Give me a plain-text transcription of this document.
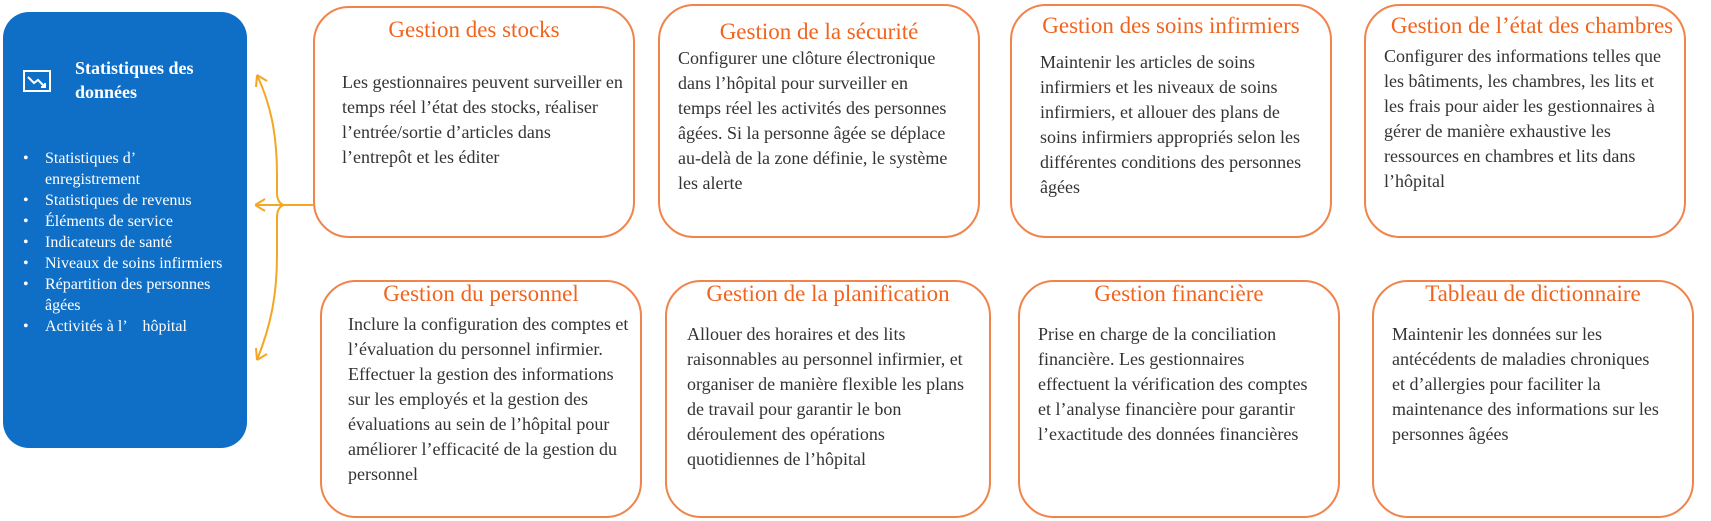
Statistiques des données
• Statistiques d’　enregistrement
• Statistiques de revenus
• Éléments de service
• Indicateurs de santé
• Niveaux de soins infirmiers
• Répartition des personnes âgées
• Activités à l’　hôpital
Gestion des stocks
Les gestionnaires peuvent surveiller en temps réel l’état des stocks, réaliser l’entrée/sortie d’articles dans l’entrepôt et les éditer
Gestion de la sécurité
Configurer une clôture électronique dans l’hôpital pour surveiller en temps réel les activités des personnes âgées. Si la personne âgée se déplace au-delà de la zone définie, le système les alerte
Gestion des soins infirmiers
Maintenir les articles de soins infirmiers et les niveaux de soins infirmiers, et allouer des plans de soins infirmiers appropriés selon les différentes conditions des personnes âgées
Gestion de l’état des chambres
Configurer des informations telles que les bâtiments, les chambres, les lits et les frais pour aider les gestionnaires à gérer de manière exhaustive les ressources en chambres et lits dans l’hôpital
Gestion du personnel
Inclure la configuration des comptes et l’évaluation du personnel infirmier. Effectuer la gestion des informations sur les employés et la gestion des évaluations au sein de l’hôpital pour améliorer l’efficacité de la gestion du personnel
Gestion de la planification
Allouer des horaires et des lits raisonnables au personnel infirmier, et organiser de manière flexible les plans de travail pour garantir le bon déroulement des opérations quotidiennes de l’hôpital
Gestion financière
Prise en charge de la conciliation financière. Les gestionnaires effectuent la vérification des comptes et l’analyse financière pour garantir l’exactitude des données financières
Tableau de dictionnaire
Maintenir les données sur les antécédents de maladies chroniques et d’allergies pour faciliter la maintenance des informations sur les personnes âgées
